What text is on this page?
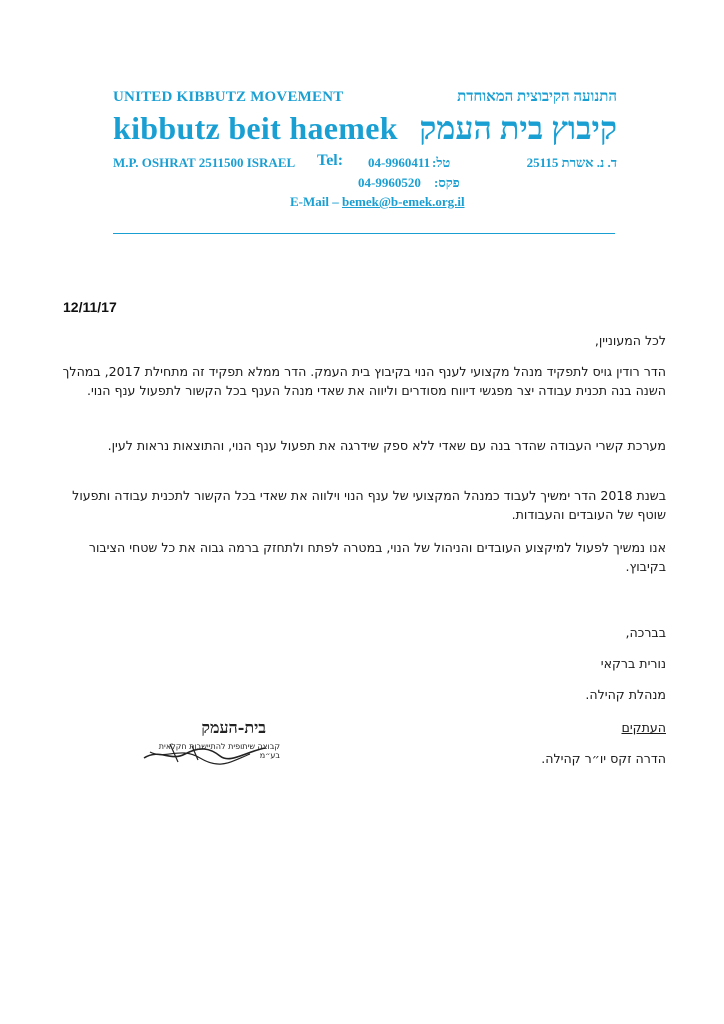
UNITED KIBBUTZ MOVEMENT	התנועה הקיבוצית המאוחדת
kibbutz beit haemek קיבוץ בית העמק
M.P. OSHRAT 2511500 ISRAEL Tel: 04-9960411 טל:	ד. נ. אשרת 25115
04-9960520 פקס:
E-Mail – bemek@b-emek.org.il
12/11/17
לכל המעוניין,
הדר רודין גויס לתפקיד מנהל מקצועי לענף הנוי בקיבוץ בית העמק. הדר ממלא תפקיד זה מתחילת 2017, במהלך השנה בנה תכנית עבודה יצר מפגשי דיווח מסודרים וליווה את שאדי מנהל הענף בכל הקשור לתפעול ענף הנוי.
מערכת קשרי העבודה שהדר בנה עם שאדי ללא ספק שידרגה את תפעול ענף הנוי, והתוצאות נראות לעין.
בשנת 2018 הדר ימשיך לעבוד כמנהל המקצועי של ענף הנוי וילווה את שאדי בכל הקשור לתכנית עבודה ותפעול שוטף של העובדים והעבודות.
אנו נמשיך לפעול למיקצוע העובדים והניהול של הנוי, במטרה לפתח ולתחזק ברמה גבוה את כל שטחי הציבור בקיבוץ.
בברכה,
נורית ברקאי
מנהלת קהילה.
העתקים
הדרה זקס יו״ר קהילה.
בית-העמק
קבוצה שיתופית להתיישבות חקלאית בע״מ
